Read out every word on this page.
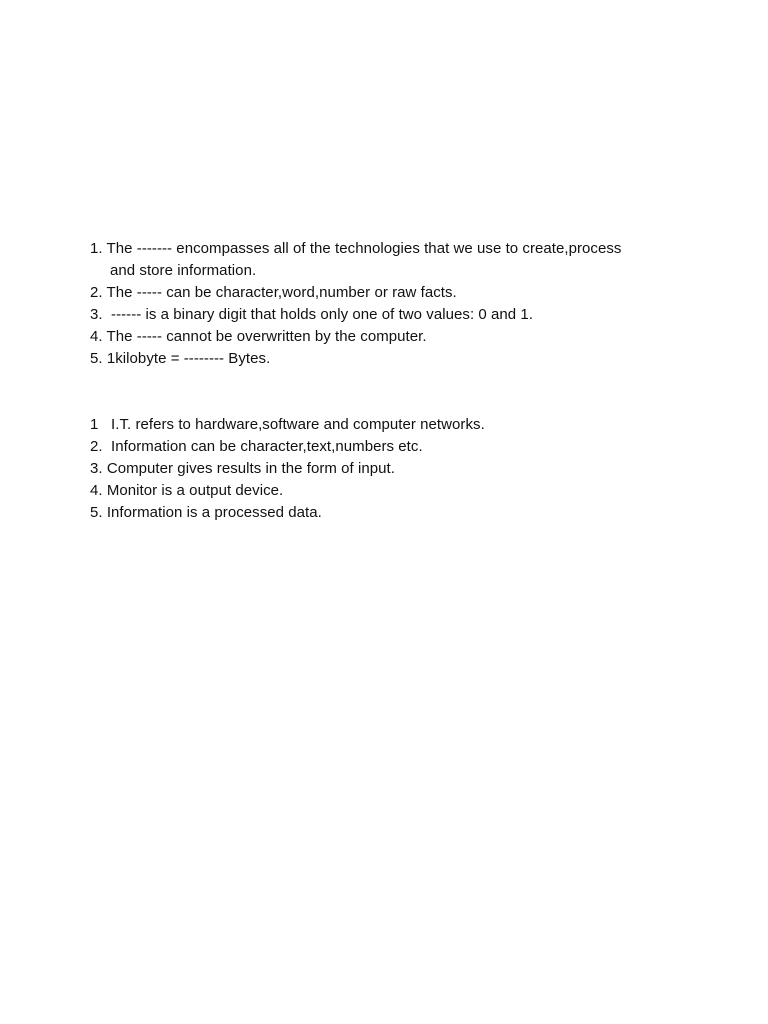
1. The ------- encompasses all of the technologies that we use to create,process

and store information.

2. The ----- can be character,word,number or raw facts.

3.  ------ is a binary digit that holds only one of two values: 0 and 1.

4. The ----- cannot be overwritten by the computer.

5. 1kilobyte = -------- Bytes.

1   I.T. refers to hardware,software and computer networks.

2.  Information can be character,text,numbers etc.

3. Computer gives results in the form of input.

4. Monitor is a output device.

5. Information is a processed data.
